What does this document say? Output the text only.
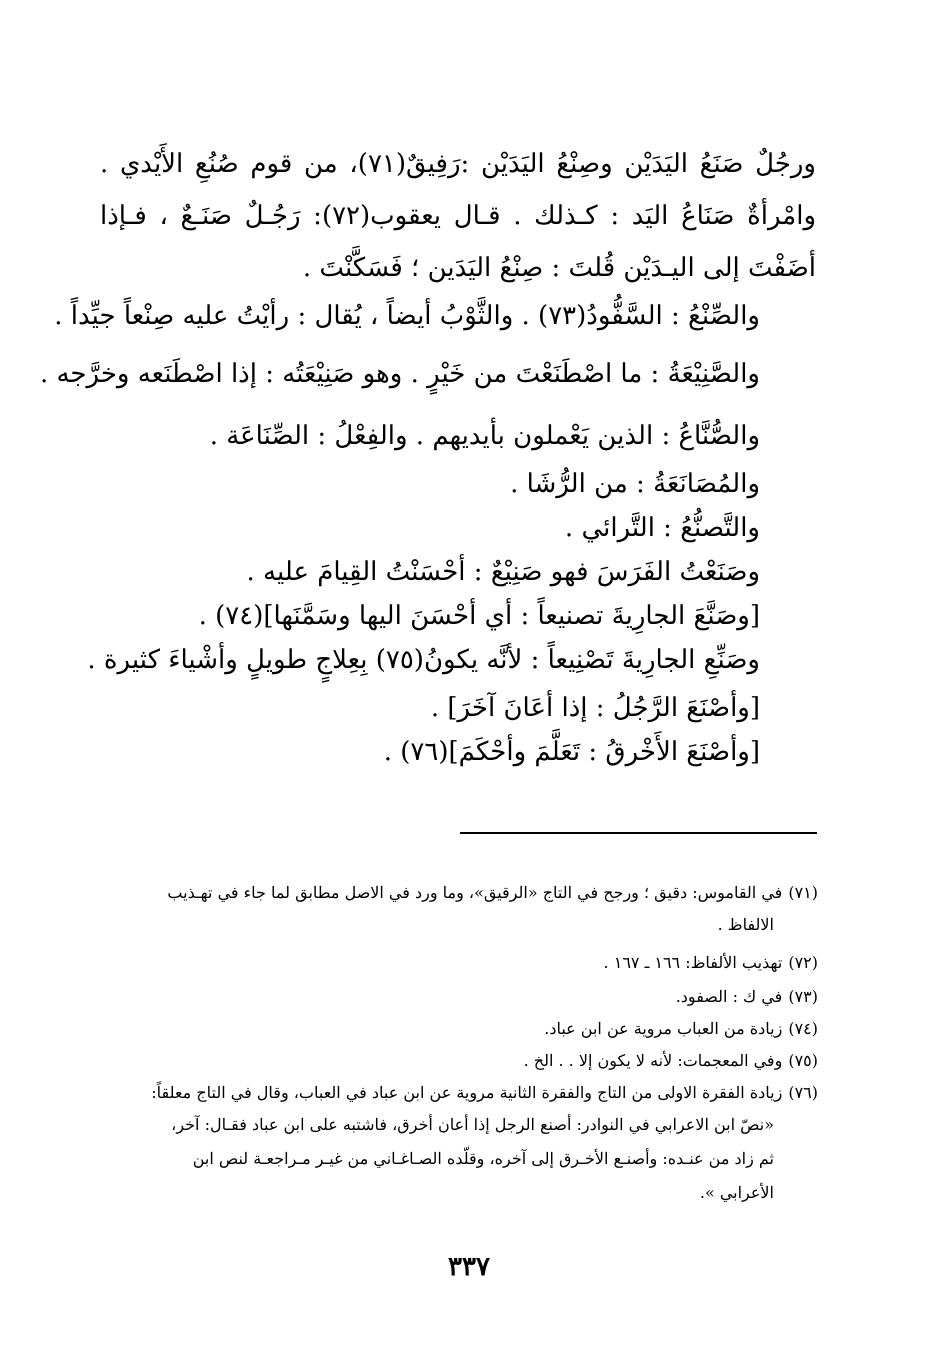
ورجُلٌ صَنَعُ اليَدَيْن وصِنْعُ اليَدَيْن :رَفِيقٌ(٧١)، من قوم صُنُعِ الأَيْدي . وامْرأةٌ صَنَاعُ اليَد : كـذلك . قـال يعقوب(٧٢): رَجُـلٌ صَنَـعٌ ، فـإذا أضَفْتَ إلى اليـدَيْن قُلتَ : صِنْعُ اليَدَين ؛ فَسَكَّنْتَ .
والصِّنْعُ : السَّفُّودُ(٧٣) . والثَّوْبُ أيضاً ، يُقال : رأيْتُ عليه صِنْعاً جيِّداً .
والصَّنِيْعَةُ : ما اصْطَنَعْتَ من خَيْرٍ . وهو صَنِيْعَتُه : إذا اصْطَنَعه وخرَّجه .
والصُّنَّاعُ : الذين يَعْملون بأيديهم . والفِعْلُ : الصِّنَاعَة .
والمُصَانَعَةُ : من الرُّشَا .
والتَّصنُّعُ : التَّرائي .
وصَنَعْتُ الفَرَسَ فهو صَنِيْعٌ : أحْسَنْتُ القِيامَ عليه .
[وصَنَّعَ الجارِيةَ تصنيعاً : أي أحْسَنَ اليها وسَمَّنَها](٧٤) .
وصَنِّعِ الجارِيةَ تَصْنِيعاً : لأنَّه يكونُ(٧٥) بِعِلاجٍ طويلٍ وأشْياءَ كثيرة .
[وأصْنَعَ الرَّجُلُ : إذا أعَانَ آخَرَ] .
[وأصْنَعَ الأَخْرقُ : تَعَلَّمَ وأحْكَمَ](٧٦) .
(٧١)في القاموس: دقيق ؛ ورجح في التاج «الرقيق»، وما ورد في الاصل مطابق لما جاء في تهـذيب
الالفاظ .
(٧٢)تهذيب الألفاظ: ١٦٦ ـ ١٦٧ .
(٧٣)في ك : الصفود.
(٧٤)زيادة من العباب مروية عن ابن عباد.
(٧٥)وفي المعجمات: لأنه لا يكون إلا . . الخ .
(٧٦)زيادة الفقرة الاولى من التاج والفقرة الثانية مروية عن ابن عباد في العباب، وقال في التاج معلقاً:
«نصّ ابن الاعرابي في النوادر: أصنع الرجل إذا أعان أخرق، فاشتبه على ابن عباد فقـال: آخر،
ثم زاد من عنـده: وأصنـع الأخـرق إلى آخره، وقلّده الصـاغـاني من غيـر مـراجعـة لنص ابن
الأعرابي ».
٣٣٧
